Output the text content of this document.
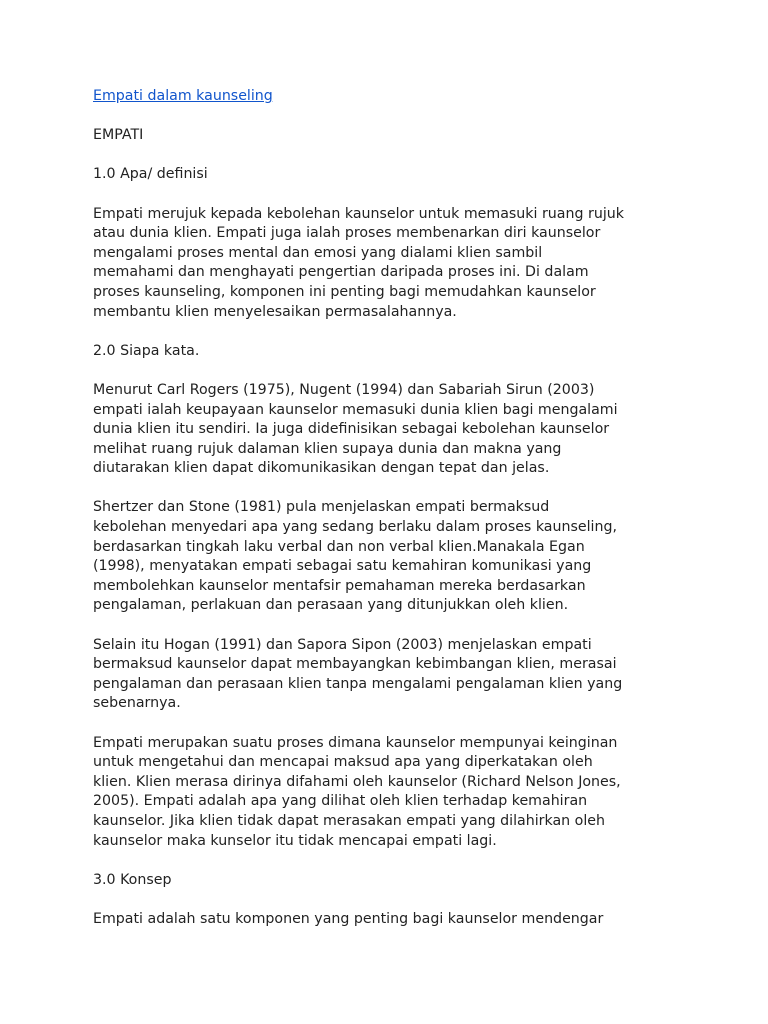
Empati dalam kaunseling
EMPATI
1.0 Apa/ definisi
Empati merujuk kepada kebolehan kaunselor untuk memasuki ruang rujuk
atau dunia klien. Empati juga ialah proses membenarkan diri kaunselor
mengalami proses mental dan emosi yang dialami klien sambil
memahami dan menghayati pengertian daripada proses ini. Di dalam
proses kaunseling, komponen ini penting bagi memudahkan kaunselor
membantu klien menyelesaikan permasalahannya.
2.0 Siapa kata.
Menurut Carl Rogers (1975), Nugent (1994) dan Sabariah Sirun (2003)
empati ialah keupayaan kaunselor memasuki dunia klien bagi mengalami
dunia klien itu sendiri. Ia juga didefinisikan sebagai kebolehan kaunselor
melihat ruang rujuk dalaman klien supaya dunia dan makna yang
diutarakan klien dapat dikomunikasikan dengan tepat dan jelas.
Shertzer dan Stone (1981) pula menjelaskan empati bermaksud
kebolehan menyedari apa yang sedang berlaku dalam proses kaunseling,
berdasarkan tingkah laku verbal dan non verbal klien.Manakala Egan
(1998), menyatakan empati sebagai satu kemahiran komunikasi yang
membolehkan kaunselor mentafsir pemahaman mereka berdasarkan
pengalaman, perlakuan dan perasaan yang ditunjukkan oleh klien.
Selain itu Hogan (1991) dan Sapora Sipon (2003) menjelaskan empati
bermaksud kaunselor dapat membayangkan kebimbangan klien, merasai
pengalaman dan perasaan klien tanpa mengalami pengalaman klien yang
sebenarnya.
Empati merupakan suatu proses dimana kaunselor mempunyai keinginan
untuk mengetahui dan mencapai maksud apa yang diperkatakan oleh
klien. Klien merasa dirinya difahami oleh kaunselor (Richard Nelson Jones,
2005). Empati adalah apa yang dilihat oleh klien terhadap kemahiran
kaunselor. Jika klien tidak dapat merasakan empati yang dilahirkan oleh
kaunselor maka kunselor itu tidak mencapai empati lagi.
3.0 Konsep
Empati adalah satu komponen yang penting bagi kaunselor mendengar
